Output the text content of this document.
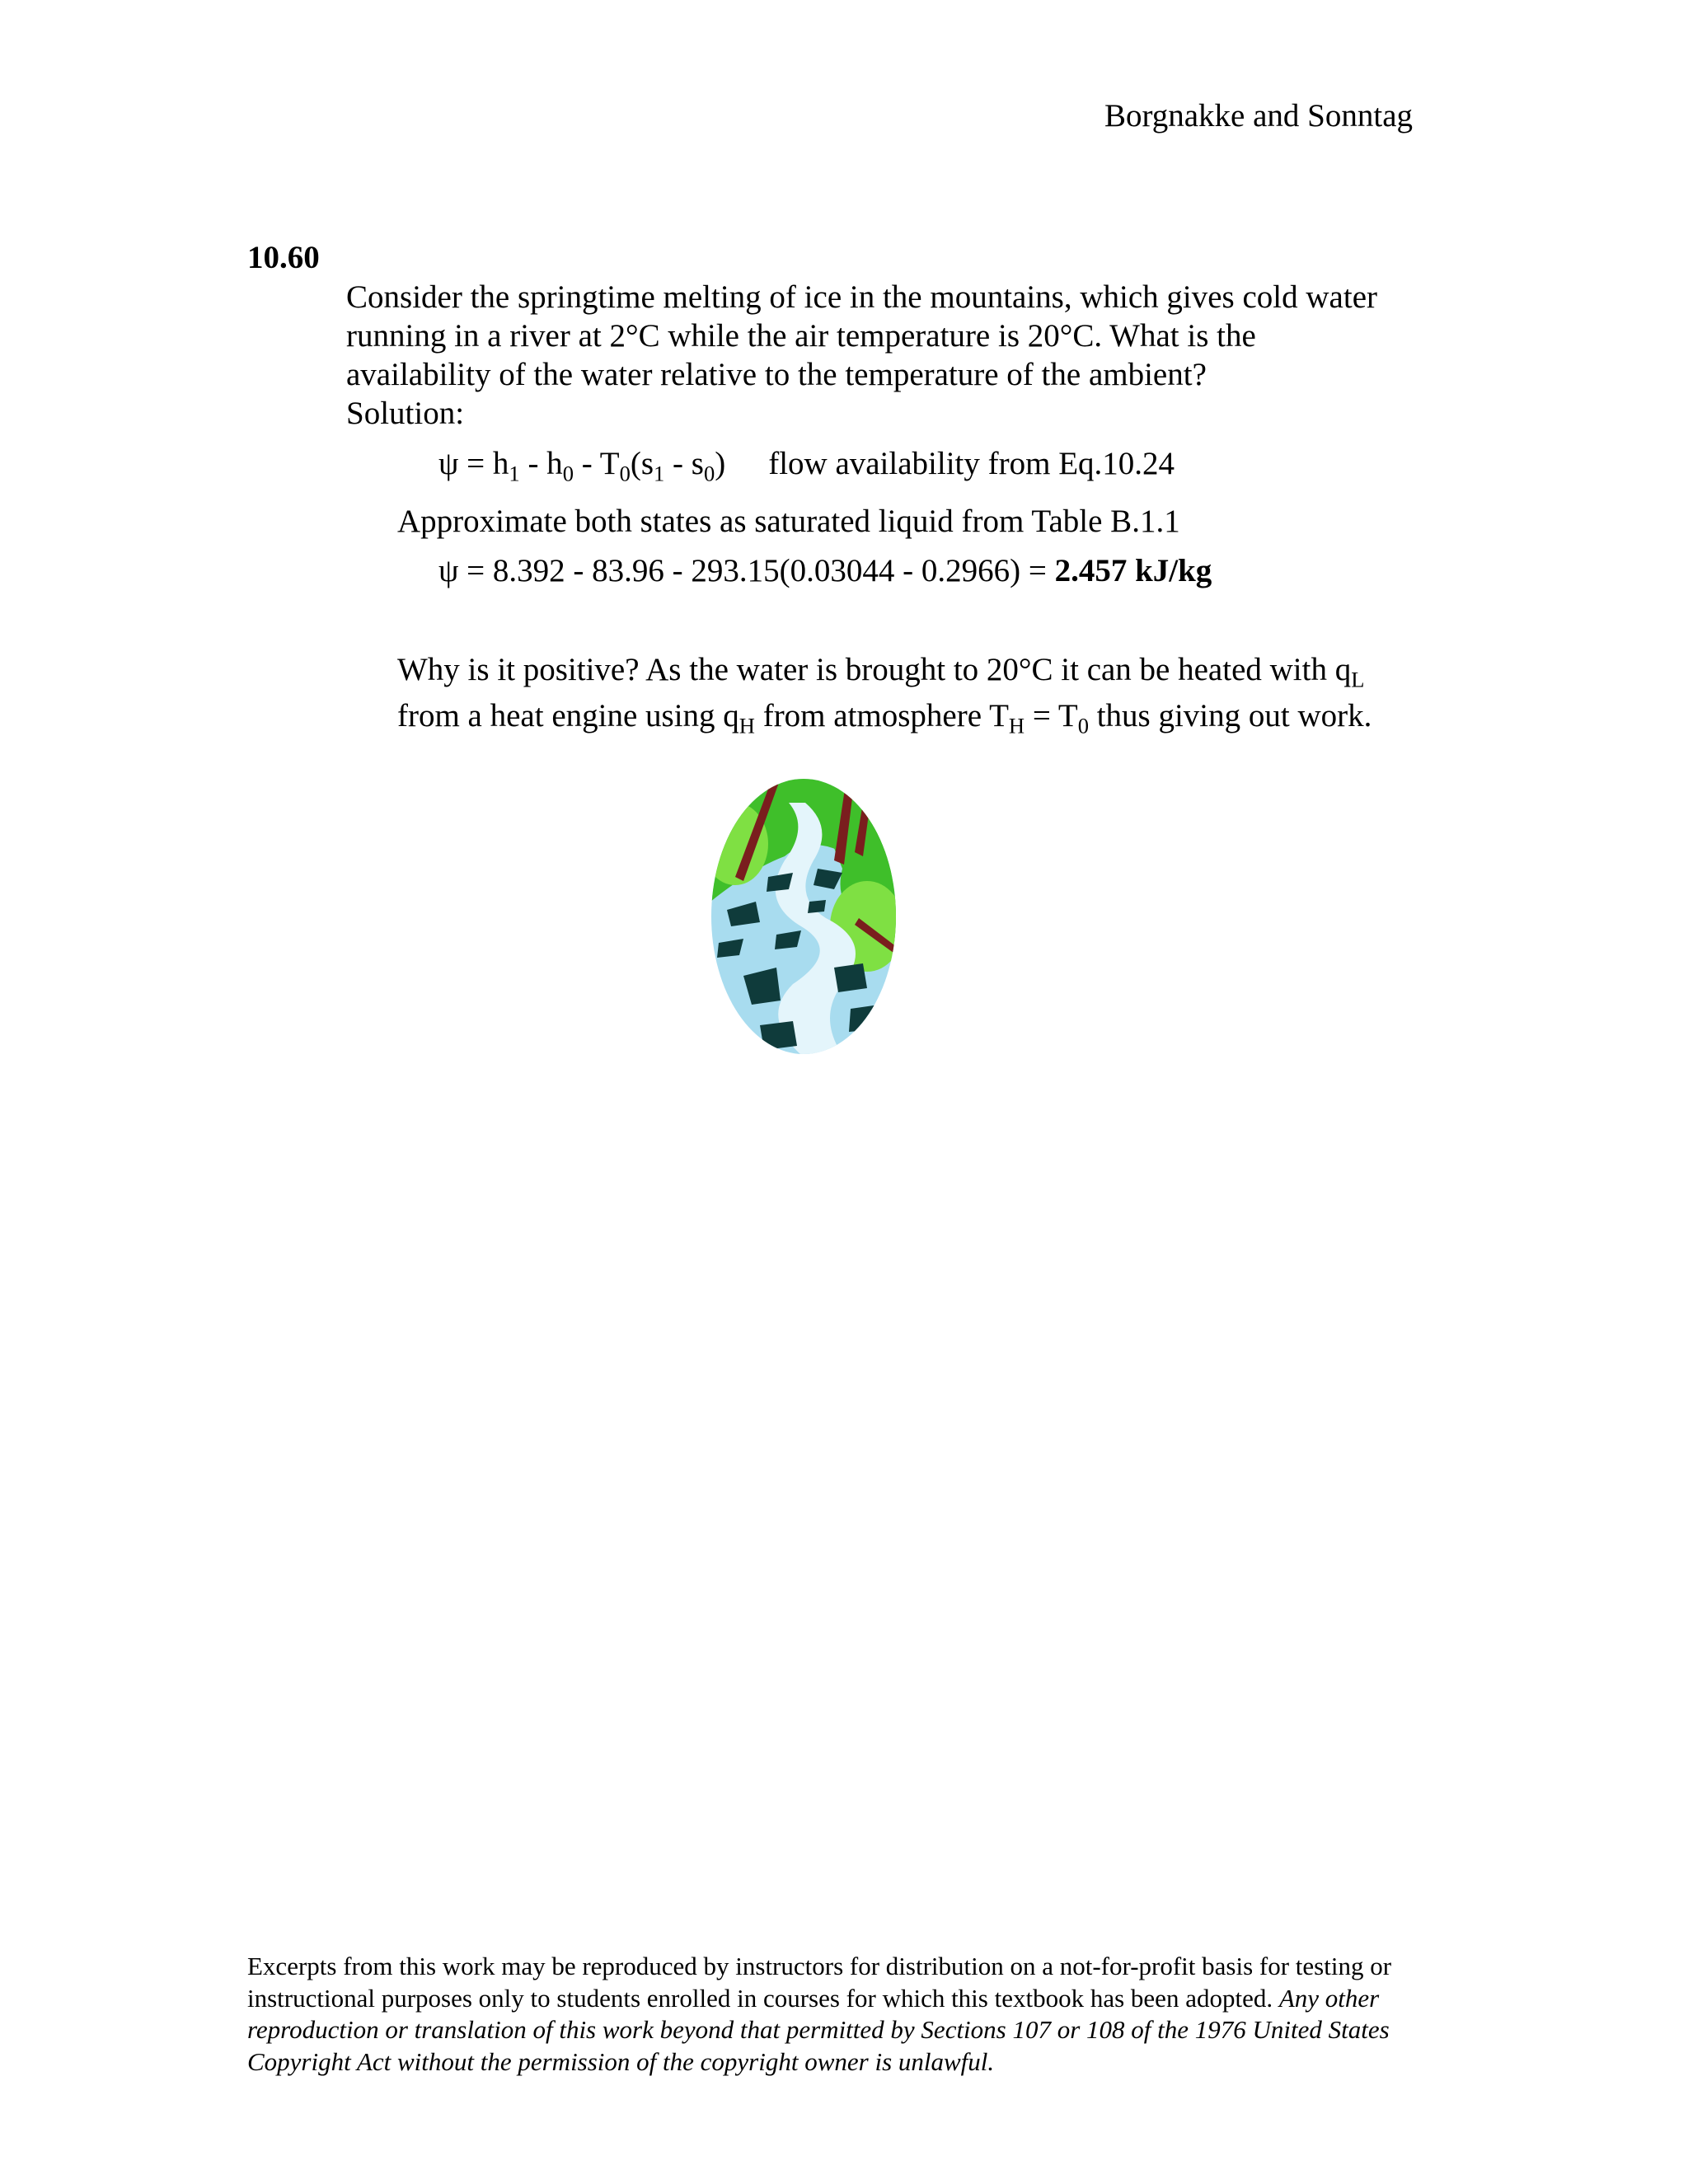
Borgnakke and Sonntag
10.60
Consider the springtime melting of ice in the mountains, which gives cold water
running in a river at 2°C while the air temperature is 20°C. What is the
availability of the water relative to the temperature of the ambient?
Solution:
$\psi = h_1 - h_0 - T_0(s_1 - s_0)$ flow availability from Eq.10.24
Approximate both states as saturated liquid from Table B.1.1
ψ = 8.392 - 83.96 - 293.15(0.03044 - 0.2966) = 2.457 kJ/kg
Why is it positive? As the water is brought to 20°C it can be heated with $q_L$
from a heat engine using $q_H$ from atmosphere $T_H = T_0$ thus giving out work.
Excerpts from this work may be reproduced by instructors for distribution on a not-for-profit basis for testing or instructional purposes only to students enrolled in courses for which this textbook has been adopted. Any other reproduction or translation of this work beyond that permitted by Sections 107 or 108 of the 1976 United States Copyright Act without the permission of the copyright owner is unlawful.
